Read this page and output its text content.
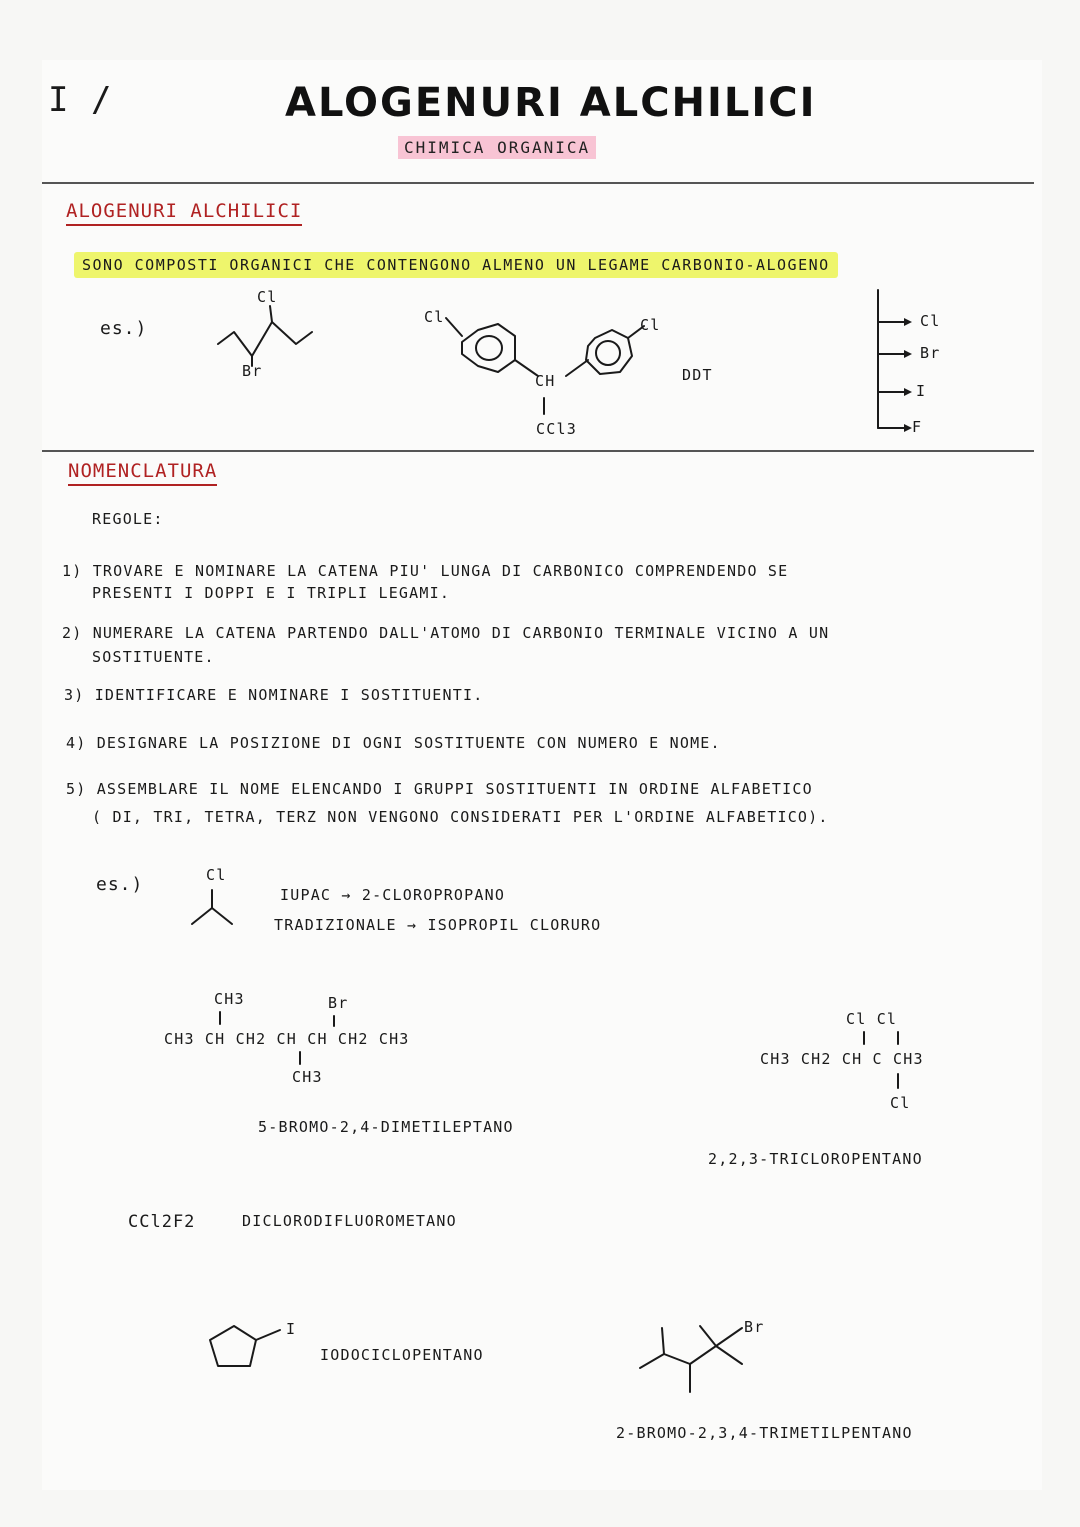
I /	ALOGENURI ALCHILICI
CHIMICA ORGANICA
ALOGENURI ALCHILICI
SONO COMPOSTI ORGANICI CHE CONTENGONO ALMENO UN LEGAME CARBONIO-ALOGENO
es.)
Cl
Br
Cl	Cl
CH
CCl3
DDT
Cl
Br
I
F
NOMENCLATURA
REGOLE:
1) TROVARE E NOMINARE LA CATENA PIU' LUNGA DI CARBONICO COMPRENDENDO SE
PRESENTI I DOPPI E I TRIPLI LEGAMI.
2) NUMERARE LA CATENA PARTENDO DALL'ATOMO DI CARBONIO TERMINALE VICINO A UN
SOSTITUENTE.
3) IDENTIFICARE E NOMINARE I SOSTITUENTI.
4) DESIGNARE LA POSIZIONE DI OGNI SOSTITUENTE CON NUMERO E NOME.
5) ASSEMBLARE IL NOME ELENCANDO I GRUPPI SOSTITUENTI IN ORDINE ALFABETICO
( DI, TRI, TETRA, TERZ NON VENGONO CONSIDERATI PER L'ORDINE ALFABETICO).
es.)	Cl
IUPAC → 2-CLOROPROPANO
TRADIZIONALE → ISOPROPIL CLORURO
CH3	Br
CH3 CH CH2 CH CH CH2 CH3
CH3
5-BROMO-2,4-DIMETILEPTANO
Cl Cl
CH3 CH2 CH C CH3
Cl
2,2,3-TRICLOROPENTANO
CCl2F2	DICLORODIFLUOROMETANO
I
IODOCICLOPENTANO
Br
2-BROMO-2,3,4-TRIMETILPENTANO
